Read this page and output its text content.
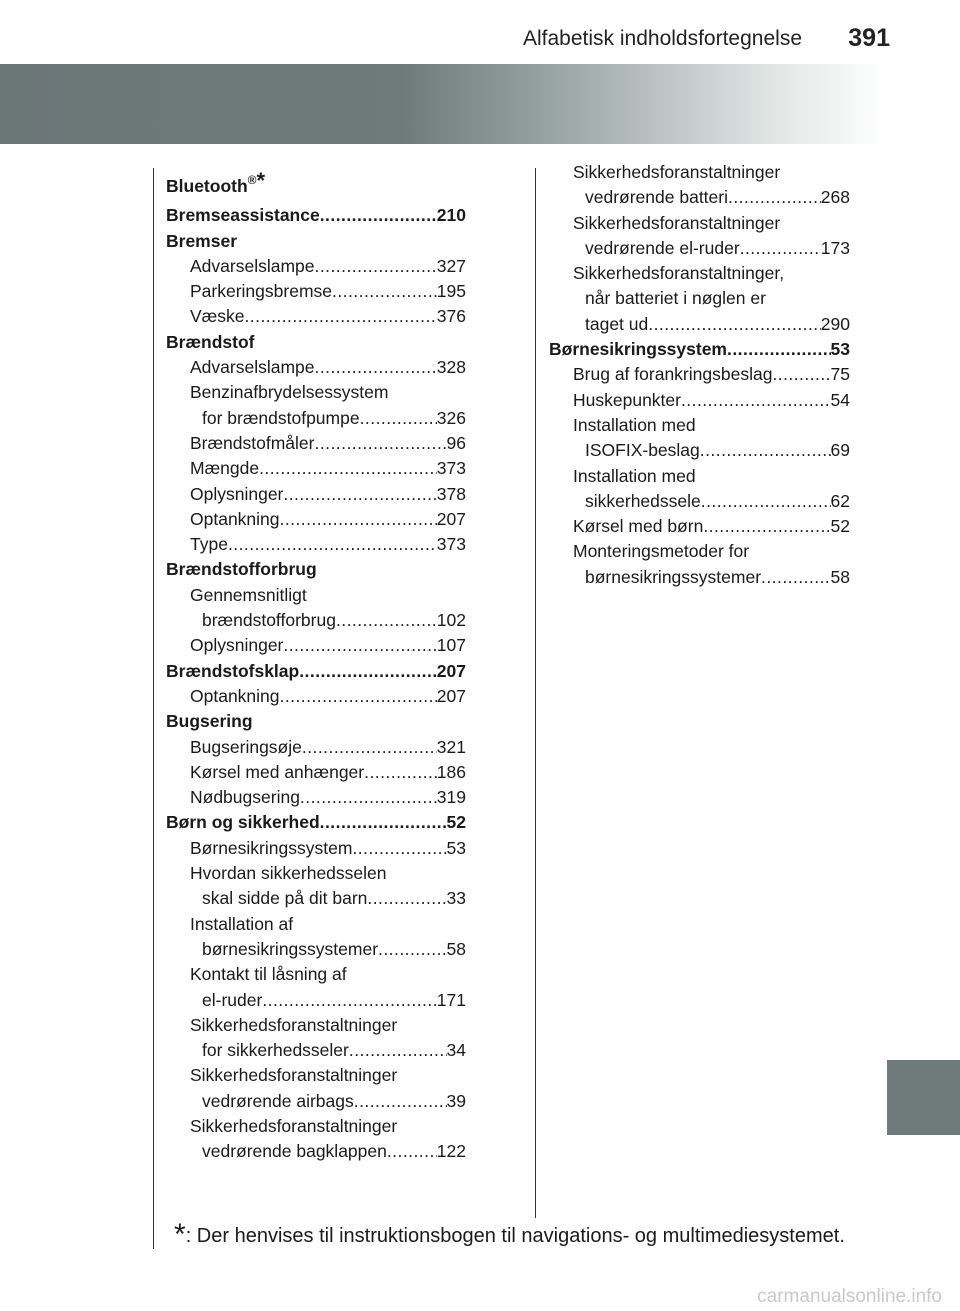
Alfabetisk indholdsfortegnelse 391
Bluetooth®*
Bremseassistance . . .	210
Bremser
Advarselslampe . . .	327
Parkeringsbremse . . .	195
Væske . . .	376
Brændstof
Advarselslampe . . .	328
Benzinafbrydelsessystem
for brændstofpumpe . . .	326
Brændstofmåler . . .	96
Mængde . . .	373
Oplysninger . . .	378
Optankning . . .	207
Type . . .	373
Brændstofforbrug
Gennemsnitligt
brændstofforbrug . . .	102
Oplysninger . . .	107
Brændstofsklap . . .	207
Optankning . . .	207
Bugsering
Bugseringsøje . . .	321
Kørsel med anhænger . . .	186
Nødbugsering . . .	319
Børn og sikkerhed . . .	52
Børnesikringssystem . . .	53
Hvordan sikkerhedsselen
skal sidde på dit barn . . .	33
Installation af
børnesikringssystemer . . .	58
Kontakt til låsning af
el-ruder . . .	171
Sikkerhedsforanstaltninger
for sikkerhedsseler . . .	34
Sikkerhedsforanstaltninger
vedrørende airbags . . .	39
Sikkerhedsforanstaltninger
vedrørende bagklappen . . .	122
Sikkerhedsforanstaltninger
vedrørende batteri . . .	268
Sikkerhedsforanstaltninger
vedrørende el-ruder . . .	173
Sikkerhedsforanstaltninger,
når batteriet i nøglen er
taget ud . . .	290
Børnesikringssystem . . .	53
Brug af forankringsbeslag . . .	75
Huskepunkter . . .	54
Installation med
ISOFIX-beslag . . .	69
Installation med
sikkerhedssele . . .	62
Kørsel med børn . . .	52
Monteringsmetoder for
børnesikringssystemer . . .	58
*: Der henvises til instruktionsbogen til navigations- og multimediesystemet.
carmanualsonline.info
